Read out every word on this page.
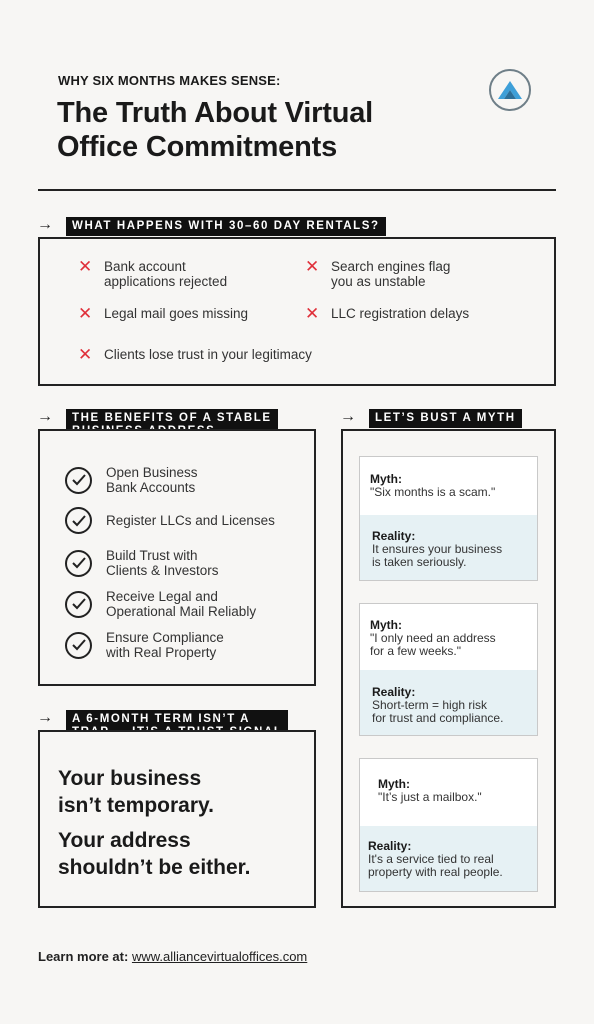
WHY SIX MONTHS MAKES SENSE:
The Truth About Virtual
Office Commitments
→	WHAT HAPPENS WITH 30–60 DAY RENTALS?
✕ Bank account
applications rejected
✕ Search engines flag
you as unstable
✕ Legal mail goes missing	✕ LLC registration delays
✕ Clients lose trust in your legitimacy
→ THE BENEFITS OF A STABLE
Open Business
Bank Accounts
Register LLCs and Licenses
Build Trust with
Clients & Investors
Receive Legal and
Operational Mail Reliably
Ensure Compliance
with Real Property
→ A 6-MONTH TERM ISN’T A
Your business
isn’t temporary.
Your address
shouldn’t be either.
→	LET’S BUST A MYTH
Myth:
"Six months is a scam."
Reality:
It ensures your business
is taken seriously.
Myth:
"I only need an address
for a few weeks."
Reality:
Short-term = high risk
for trust and compliance.
Myth:
"It’s just a mailbox."
Reality:
It's a service tied to real
property with real people.
Learn more at: www.alliancevirtualoffices.com
